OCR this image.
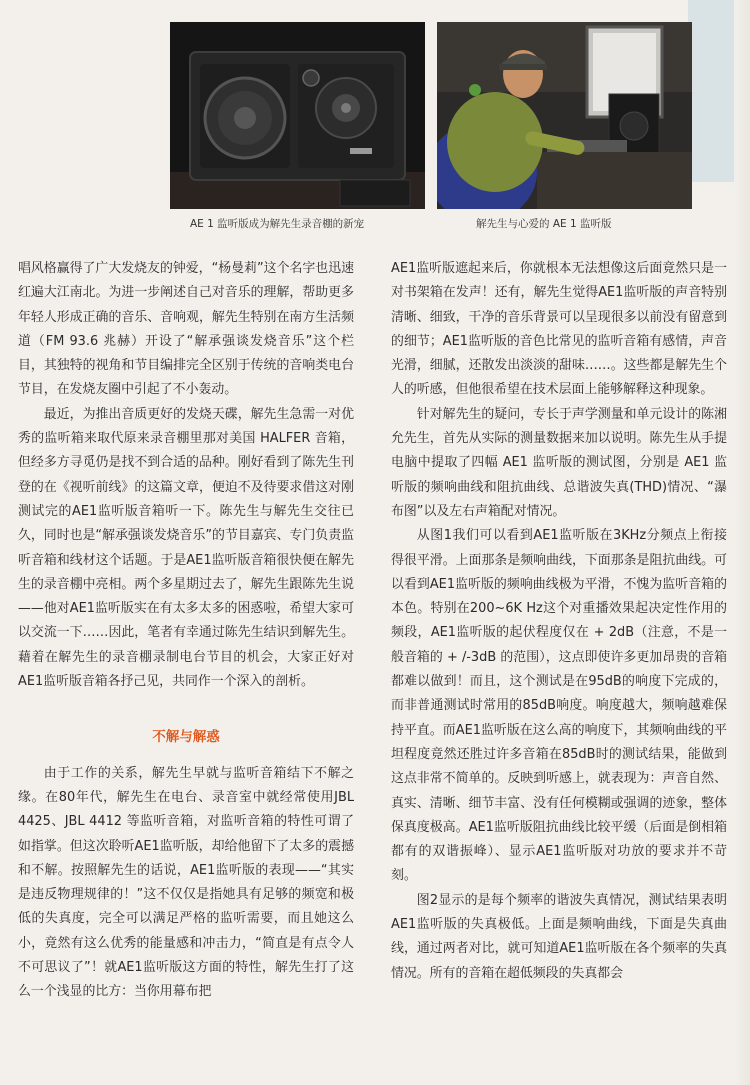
AE 1 监听版成为解先生录音棚的新宠	解先生与心爱的 AE 1 监听版

唱风格赢得了广大发烧友的钟爱，“杨曼莉”这个名字也迅速红遍大江南北。为进一步阐述自己对音乐的理解，帮助更多年轻人形成正确的音乐、音响观，解先生特别在南方生活频道（FM 93.6 兆赫）开设了“解承强谈发烧音乐”这个栏目，其独特的视角和节目编排完全区别于传统的音响类电台节目，在发烧友圈中引起了不小轰动。

最近，为推出音质更好的发烧天碟，解先生急需一对优秀的监听箱来取代原来录音棚里那对美国 HALFER 音箱，但经多方寻觅仍是找不到合适的品种。刚好看到了陈先生刊登的在《视听前线》的这篇文章，便迫不及待要求借这对刚测试完的AE1监听版音箱听一下。陈先生与解先生交往已久，同时也是“解承强谈发烧音乐”的节目嘉宾、专门负责监听音箱和线材这个话题。于是AE1监听版音箱很快便在解先生的录音棚中亮相。两个多星期过去了，解先生跟陈先生说——他对AE1监听版实在有太多太多的困惑啦，希望大家可以交流一下……因此，笔者有幸通过陈先生结识到解先生。藉着在解先生的录音棚录制电台节目的机会，大家正好对AE1监听版音箱各抒己见，共同作一个深入的剖析。

不解与解惑

由于工作的关系，解先生早就与监听音箱结下不解之缘。在80年代，解先生在电台、录音室中就经常使用JBL 4425、JBL 4412 等监听音箱，对监听音箱的特性可谓了如指掌。但这次聆听AE1监听版，却给他留下了太多的震撼和不解。按照解先生的话说，AE1监听版的表现——“其实是违反物理规律的！”这不仅仅是指她具有足够的频宽和极低的失真度，完全可以满足严格的监听需要，而且她这么小，竟然有这么优秀的能量感和冲击力，“简直是有点令人不可思议了”！就AE1监听版这方面的特性，解先生打了这么一个浅显的比方：当你用幕布把

AE1监听版遮起来后，你就根本无法想像这后面竟然只是一对书架箱在发声！还有，解先生觉得AE1监听版的声音特别清晰、细致，干净的音乐背景可以呈现很多以前没有留意到的细节；AE1监听版的音色比常见的监听音箱有感情，声音光滑，细腻，还散发出淡淡的甜味……。这些都是解先生个人的听感，但他很希望在技术层面上能够解释这种现象。

针对解先生的疑问，专长于声学测量和单元设计的陈湘允先生，首先从实际的测量数据来加以说明。陈先生从手提电脑中提取了四幅 AE1 监听版的测试图，分别是 AE1 监听版的频响曲线和阻抗曲线、总谐波失真(THD)情况、“瀑布图”以及左右声箱配对情况。

从图1我们可以看到AE1监听版在3KHz分频点上衔接得很平滑。上面那条是频响曲线，下面那条是阻抗曲线。可以看到AE1监听版的频响曲线极为平滑，不愧为监听音箱的本色。特别在200~6K Hz这个对重播效果起决定性作用的频段，AE1监听版的起伏程度仅在 + 2dB（注意，不是一般音箱的 + /-3dB 的范围），这点即使许多更加昂贵的音箱都难以做到！而且，这个测试是在95dB的响度下完成的，而非普通测试时常用的85dB响度。响度越大，频响越难保持平直。而AE1监听版在这么高的响度下，其频响曲线的平坦程度竟然还胜过许多音箱在85dB时的测试结果，能做到这点非常不简单的。反映到听感上，就表现为：声音自然、真实、清晰、细节丰富、没有任何模糊或强调的迹象，整体保真度极高。AE1监听版阻抗曲线比较平缓（后面是倒相箱都有的双谐振峰）、显示AE1监听版对功放的要求并不苛刻。

图2显示的是每个频率的谐波失真情况，测试结果表明AE1监听版的失真极低。上面是频响曲线，下面是失真曲线，通过两者对比，就可知道AE1监听版在各个频率的失真情况。所有的音箱在超低频段的失真都会
